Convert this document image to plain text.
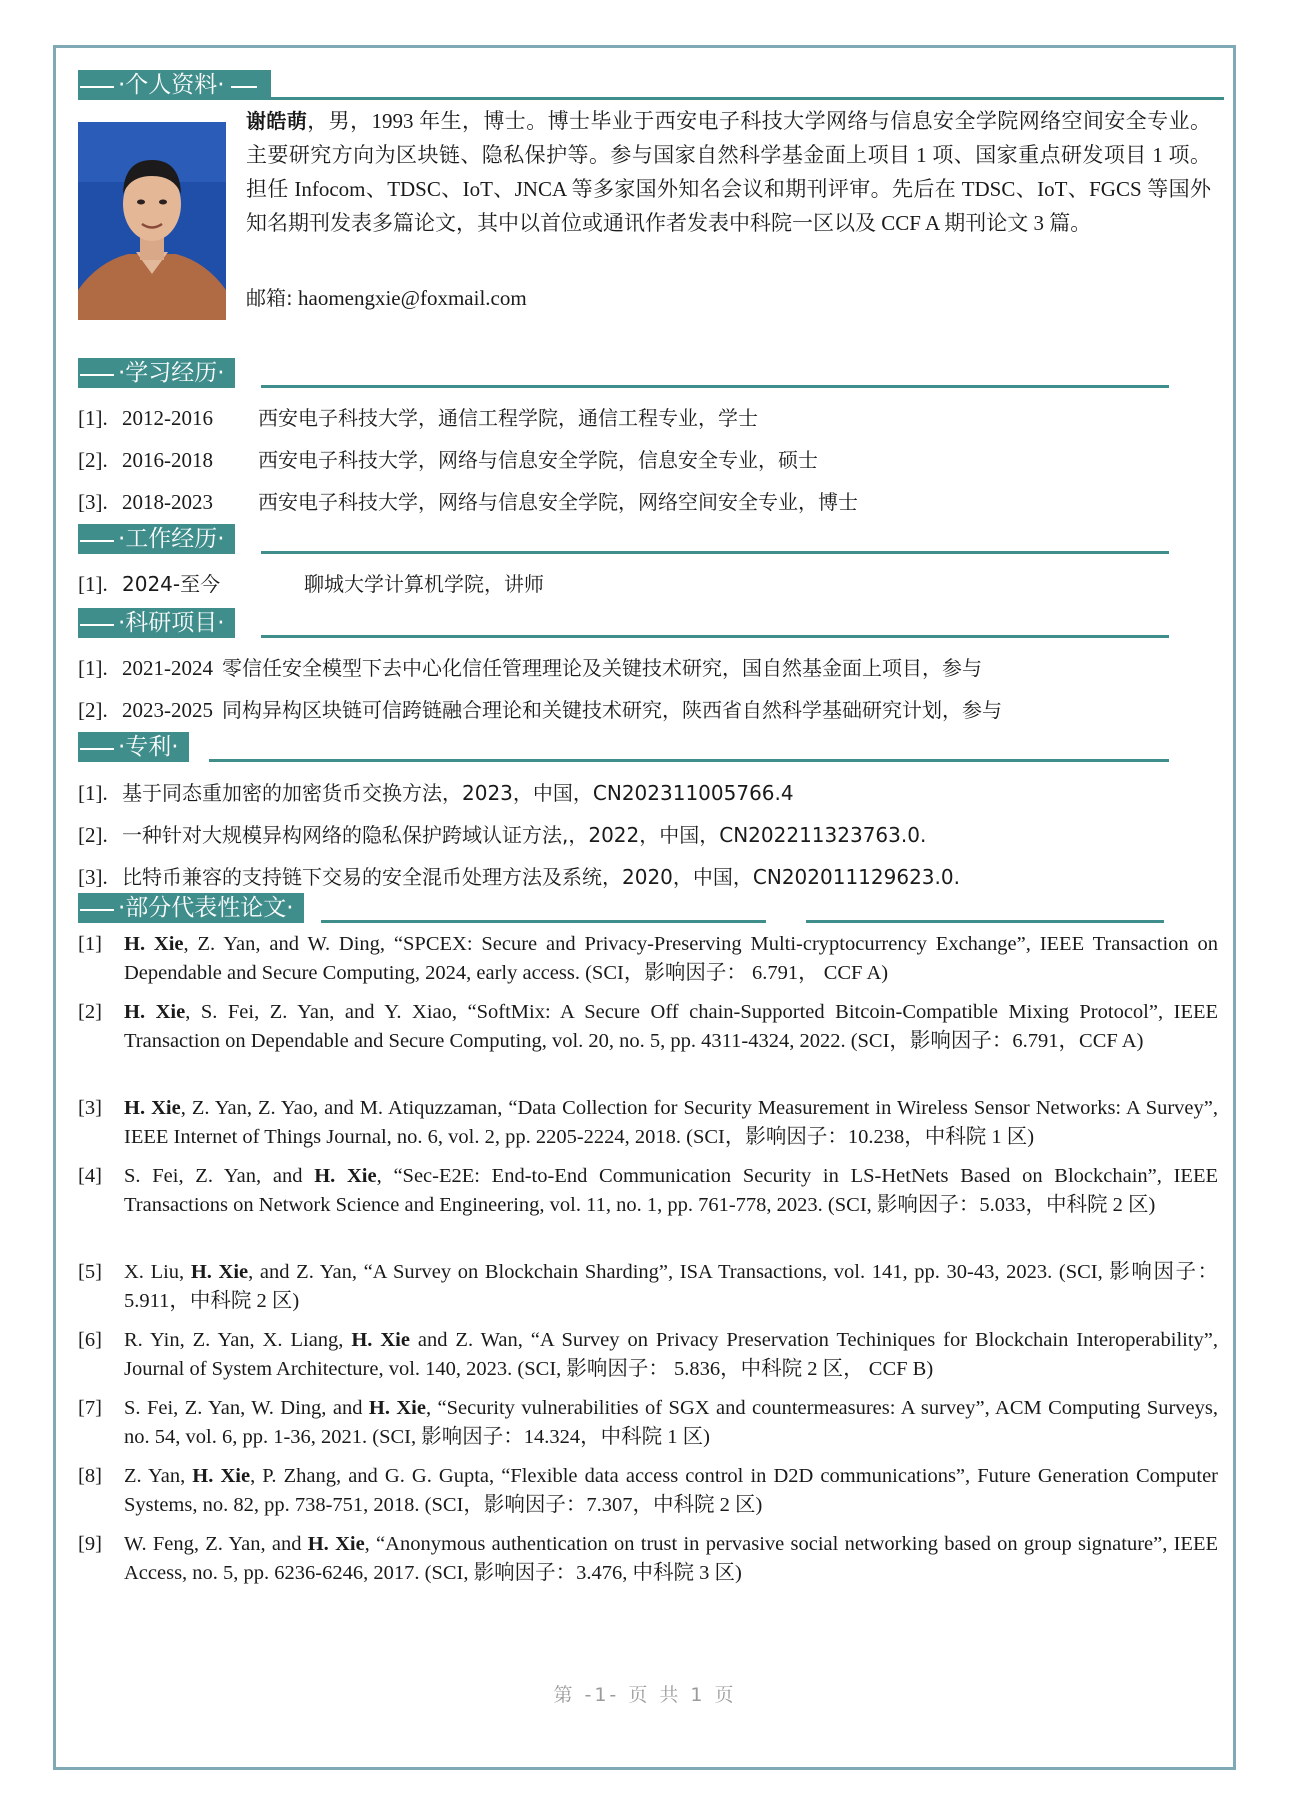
·个人资料·
谢皓萌，男，1993 年生，博士。博士毕业于西安电子科技大学网络与信息安全学院网络空间安全专业。主要研究方向为区块链、隐私保护等。参与国家自然科学基金面上项目 1 项、国家重点研发项目 1 项。担任 Infocom、TDSC、IoT、JNCA 等多家国外知名会议和期刊评审。先后在 TDSC、IoT、FGCS 等国外知名期刊发表多篇论文，其中以首位或通讯作者发表中科院一区以及 CCF A 期刊论文 3 篇。
邮箱: haomengxie@foxmail.com
·学习经历·
[1]. 2012-2016 西安电子科技大学，通信工程学院，通信工程专业，学士
[2]. 2016-2018 西安电子科技大学，网络与信息安全学院，信息安全专业，硕士
[3]. 2018-2023 西安电子科技大学，网络与信息安全学院，网络空间安全专业，博士
·工作经历·
[1]. 2024-至今	聊城大学计算机学院，讲师
·科研项目·
[1]. 2021-2024 零信任安全模型下去中心化信任管理理论及关键技术研究，国自然基金面上项目，参与
[2]. 2023-2025 同构异构区块链可信跨链融合理论和关键技术研究，陕西省自然科学基础研究计划，参与
·专利·
[1]. 基于同态重加密的加密货币交换方法，2023，中国，CN202311005766.4
[2]. 一种针对大规模异构网络的隐私保护跨域认证方法,，2022，中国，CN202211323763.0.
[3]. 比特币兼容的支持链下交易的安全混币处理方法及系统，2020，中国，CN202011129623.0.
·部分代表性论文·
[1]	H. Xie, Z. Yan, and W. Ding, “SPCEX: Secure and Privacy-Preserving Multi-cryptocurrency Exchange”, IEEE Transaction on Dependable and Secure Computing, 2024, early access. (SCI，影响因子： 6.791， CCF A)
[2]	H. Xie, S. Fei, Z. Yan, and Y. Xiao, “SoftMix: A Secure Off chain-Supported Bitcoin-Compatible Mixing Protocol”, IEEE Transaction on Dependable and Secure Computing, vol. 20, no. 5, pp. 4311-4324, 2022. (SCI，影响因子：6.791，CCF A)
[3]	H. Xie, Z. Yan, Z. Yao, and M. Atiquzzaman, “Data Collection for Security Measurement in Wireless Sensor Networks: A Survey”, IEEE Internet of Things Journal, no. 6, vol. 2, pp. 2205-2224, 2018. (SCI，影响因子：10.238，中科院 1 区)
[4]	S. Fei, Z. Yan, and H. Xie, “Sec-E2E: End-to-End Communication Security in LS-HetNets Based on Blockchain”, IEEE Transactions on Network Science and Engineering, vol. 11, no. 1, pp. 761-778, 2023. (SCI, 影响因子：5.033，中科院 2 区)
[5]	X. Liu, H. Xie, and Z. Yan, “A Survey on Blockchain Sharding”, ISA Transactions, vol. 141, pp. 30-43, 2023. (SCI, 影响因子：5.911，中科院 2 区)
[6]	R. Yin, Z. Yan, X. Liang, H. Xie and Z. Wan, “A Survey on Privacy Preservation Techiniques for Blockchain Interoperability”, Journal of System Architecture, vol. 140, 2023. (SCI, 影响因子： 5.836，中科院 2 区， CCF B)
[7]	S. Fei, Z. Yan, W. Ding, and H. Xie, “Security vulnerabilities of SGX and countermeasures: A survey”, ACM Computing Surveys, no. 54, vol. 6, pp. 1-36, 2021. (SCI, 影响因子：14.324，中科院 1 区)
[8]	Z. Yan, H. Xie, P. Zhang, and G. G. Gupta, “Flexible data access control in D2D communications”, Future Generation Computer Systems, no. 82, pp. 738-751, 2018. (SCI，影响因子：7.307，中科院 2 区)
[9]	W. Feng, Z. Yan, and H. Xie, “Anonymous authentication on trust in pervasive social networking based on group signature”, IEEE Access, no. 5, pp. 6236-6246, 2017. (SCI, 影响因子：3.476, 中科院 3 区)
第 -1- 页 共 1 页
